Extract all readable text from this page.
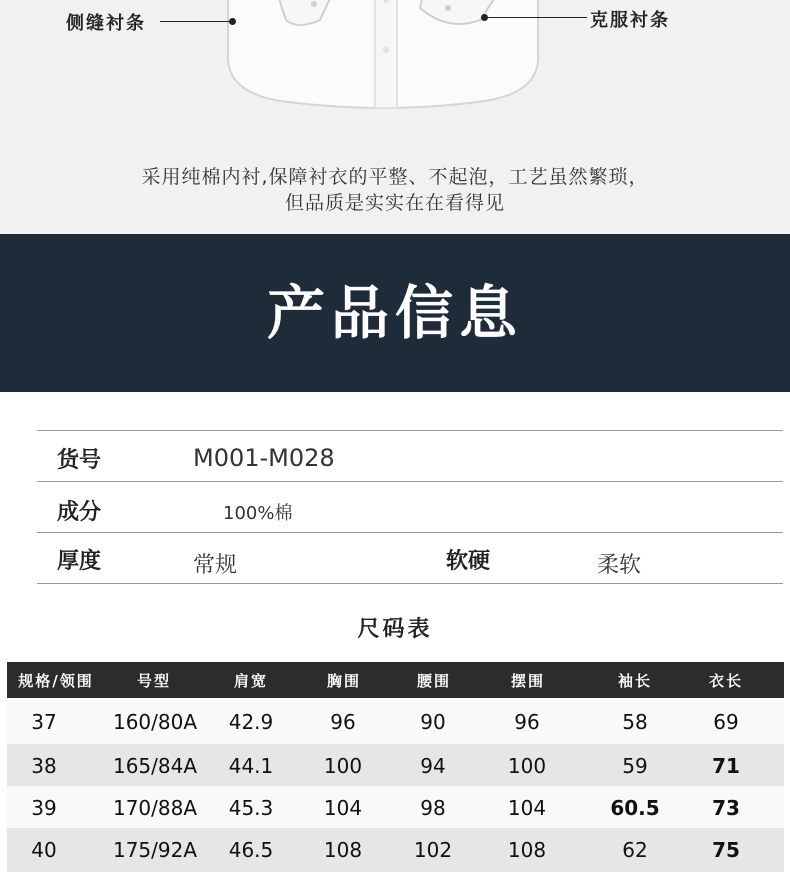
侧缝衬条	克服衬条
采用纯棉内衬,保障衬衣的平整、不起泡，工艺虽然繁琐，
但品质是实实在在看得见
产品信息
货号	M001-M028
成分	100%棉
厚度	常规	软硬	柔软
尺码表
规格/领围	号型	肩宽	胸围	腰围	摆围	袖长	衣长
37	160/80A	42.9	96	90	96	58	69
38	165/84A	44.1	100	94	100	59	71
39	170/88A	45.3	104	98	104	60.5	73
40	175/92A	46.5	108	102	108	62	75
